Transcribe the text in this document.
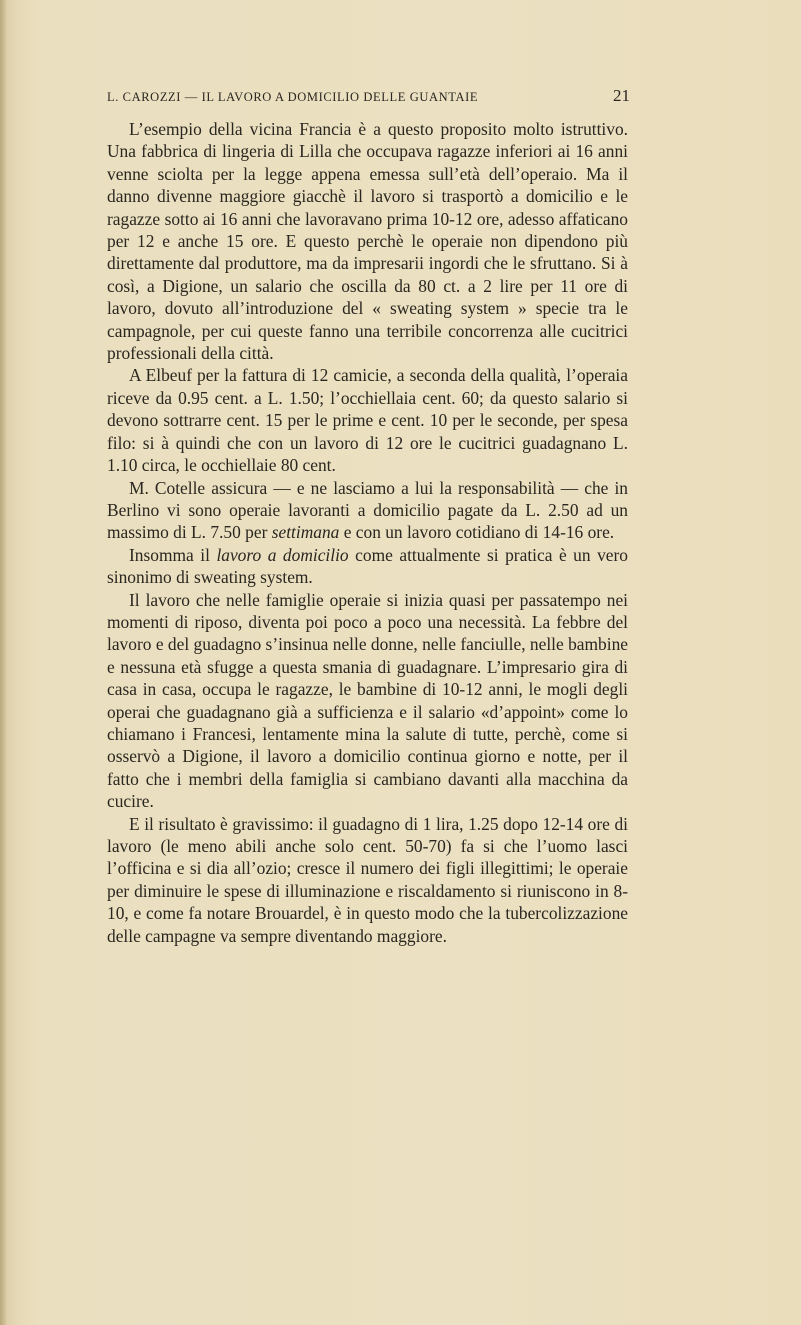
L. CAROZZI — IL LAVORO A DOMICILIO DELLE GUANTAIE	21

L’esempio della vicina Francia è a questo proposito molto istruttivo. Una fabbrica di lingeria di Lilla che occupava ragazze inferiori ai 16 anni venne sciolta per la legge appena emessa sull’età dell’operaio. Ma il danno divenne maggiore giacchè il lavoro si trasportò a domicilio e le ragazze sotto ai 16 anni che lavoravano prima 10-12 ore, adesso affaticano per 12 e anche 15 ore. E questo perchè le operaie non dipendono più direttamente dal produttore, ma da impresarii ingordi che le sfruttano. Si à così, a Digione, un salario che oscilla da 80 ct. a 2 lire per 11 ore di lavoro, dovuto all’introduzione del « sweating system » specie tra le campagnole, per cui queste fanno una terribile concorrenza alle cucitrici professionali della città.

A Elbeuf per la fattura di 12 camicie, a seconda della qualità, l’operaia riceve da 0.95 cent. a L. 1.50; l’occhiellaia cent. 60; da questo salario si devono sottrarre cent. 15 per le prime e cent. 10 per le seconde, per spesa filo: si à quindi che con un lavoro di 12 ore le cucitrici guadagnano L. 1.10 circa, le occhiellaie 80 cent.

M. Cotelle assicura — e ne lasciamo a lui la responsabilità — che in Berlino vi sono operaie lavoranti a domicilio pagate da L. 2.50 ad un massimo di L. 7.50 per settimana e con un lavoro cotidiano di 14-16 ore.

Insomma il lavoro a domicilio come attualmente si pratica è un vero sinonimo di sweating system.

Il lavoro che nelle famiglie operaie si inizia quasi per passatempo nei momenti di riposo, diventa poi poco a poco una necessità. La febbre del lavoro e del guadagno s’insinua nelle donne, nelle fanciulle, nelle bambine e nessuna età sfugge a questa smania di guadagnare. L’impresario gira di casa in casa, occupa le ragazze, le bambine di 10-12 anni, le mogli degli operai che guadagnano già a sufficienza e il salario «d’appoint» come lo chiamano i Francesi, lentamente mina la salute di tutte, perchè, come si osservò a Digione, il lavoro a domicilio continua giorno e notte, per il fatto che i membri della famiglia si cambiano davanti alla macchina da cucire.

E il risultato è gravissimo: il guadagno di 1 lira, 1.25 dopo 12-14 ore di lavoro (le meno abili anche solo cent. 50-70) fa si che l’uomo lasci l’officina e si dia all’ozio; cresce il numero dei figli illegittimi; le operaie per diminuire le spese di illuminazione e riscaldamento si riuniscono in 8-10, e come fa notare Brouardel, è in questo modo che la tubercolizzazione delle campagne va sempre diventando maggiore.
